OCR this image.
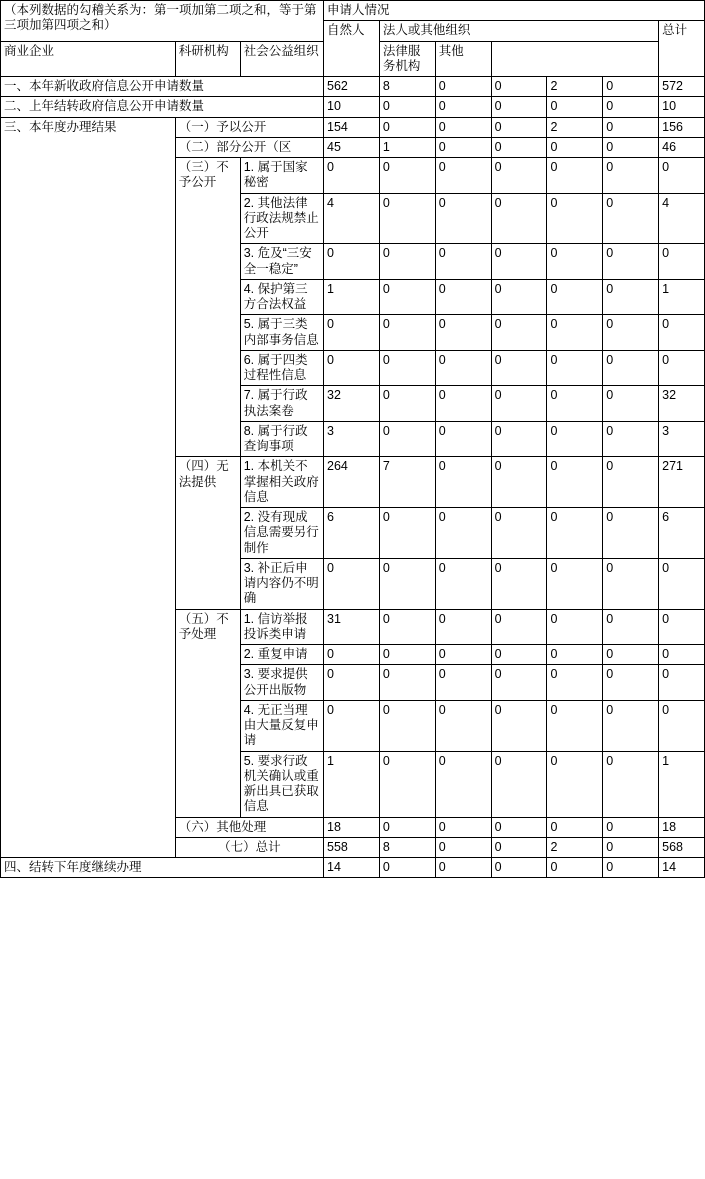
（本列数据的勾稽关系为：第一项加第二项之和，等于第三项加第四项之和）			申请人情况						
			自然人	法人或其他组织					总计
商业企业	科研机构	社会公益组织		法律服务机构	其他				
一、本年新收政府信息公开申请数量			562	8	0	0	2	0	572
二、上年结转政府信息公开申请数量			10	0	0	0	0	0	10
三、本年度办理结果	（一）予以公开		154	0	0	0	2	0	156
	（二）部分公开（区		45	1	0	0	0	0	46
	（三）不予公开	1. 属于国家秘密	0	0	0	0	0	0	0
		2. 其他法律行政法规禁止公开	4	0	0	0	0	0	4
		3. 危及“三安全一稳定”	0	0	0	0	0	0	0
		4. 保护第三方合法权益	1	0	0	0	0	0	1
		5. 属于三类内部事务信息	0	0	0	0	0	0	0
		6. 属于四类过程性信息	0	0	0	0	0	0	0
		7. 属于行政执法案卷	32	0	0	0	0	0	32
		8. 属于行政查询事项	3	0	0	0	0	0	3
	（四）无法提供	1. 本机关不掌握相关政府信息	264	7	0	0	0	0	271
		2. 没有现成信息需要另行制作	6	0	0	0	0	0	6
		3. 补正后申请内容仍不明确	0	0	0	0	0	0	0
	（五）不予处理	1. 信访举报投诉类申请	31	0	0	0	0	0	0
		2. 重复申请	0	0	0	0	0	0	0
		3. 要求提供公开出版物	0	0	0	0	0	0	0
		4. 无正当理由大量反复申请	0	0	0	0	0	0	0
		5. 要求行政机关确认或重新出具已获取信息	1	0	0	0	0	0	1
	（六）其他处理		18	0	0	0	0	0	18
	（七）总计		558	8	0	0	2	0	568
四、结转下年度继续办理			14	0	0	0	0	0	14
